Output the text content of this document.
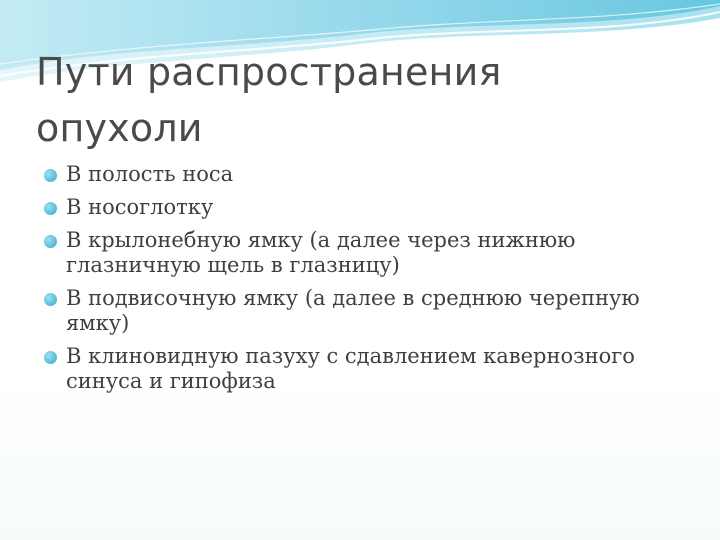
Пути распространения
опухоли
В полость носа
В носоглотку
В крылонебную ямку (а далее через нижнюю глазничную щель в глазницу)
В подвисочную ямку (а далее в среднюю черепную ямку)
В клиновидную пазуху с сдавлением кавернозного синуса и гипофиза
